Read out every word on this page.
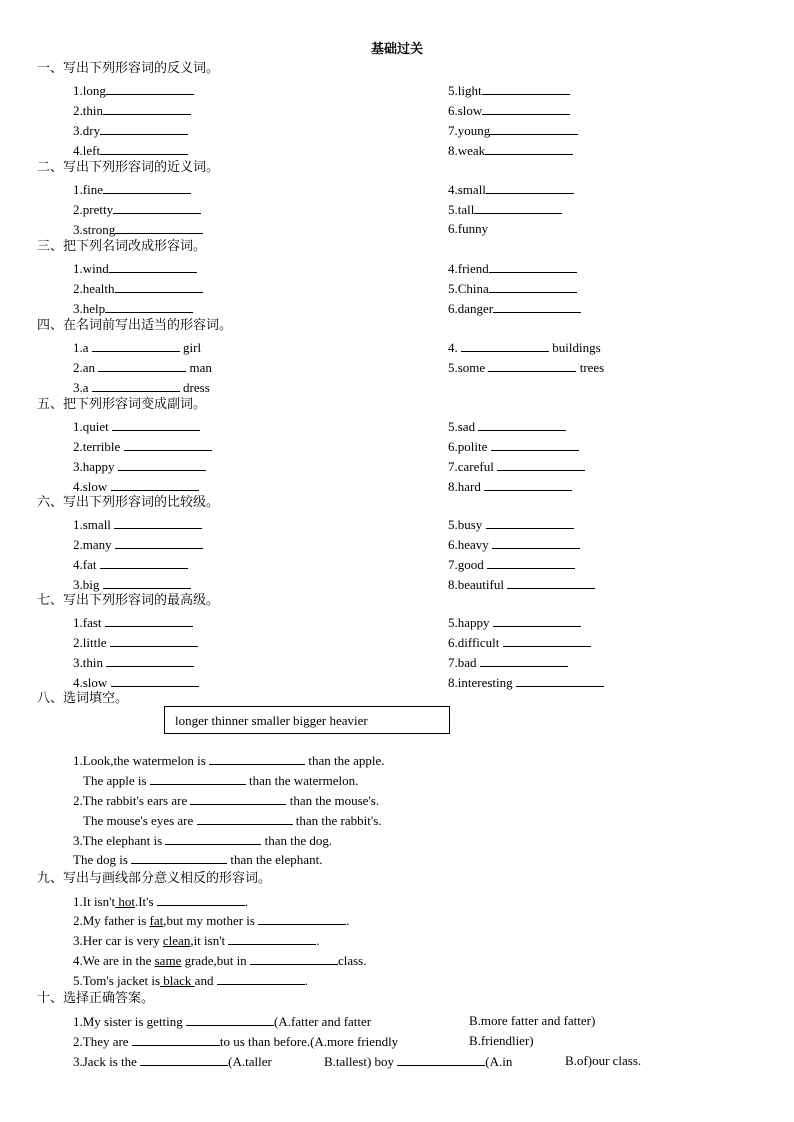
基础过关
一、写出下列形容词的反义词。
1.long
2.thin
3.dry
4.left
5.light
6.slow
7.young
8.weak
二、写出下列形容词的近义词。
1.fine
2.pretty
3.strong
4.small
5.tall
6.funny
三、把下列名词改成形容词。
1.wind
2.health
3.help
4.friend
5.China
6.danger
四、在名词前写出适当的形容词。
1.a	girl
2.an	man
3.a	dress
4.	buildings
5.some	trees
五、把下列形容词变成副词。
1.quiet
2.terrible
3.happy
4.slow
5.sad
6.polite
7.careful
8.hard
六、写出下列形容词的比较级。
1.small
2.many
4.fat
3.big
5.busy
6.heavy
7.good
8.beautiful
七、写出下列形容词的最高级。
1.fast
2.little
3.thin
4.slow
5.happy
6.difficult
7.bad
8.interesting
八、选词填空。
longer thinner smaller bigger heavier
1.Look,the watermelon is	than the apple.
The apple is	than the watermelon.
2.The rabbit's ears are	than the mouse's.
The mouse's eyes are	than the rabbit's.
3.The elephant is	than the dog.
The dog is	than the elephant.
九、写出与画线部分意义相反的形容词。
1.It isn't hot.It's	.
2.My father is fat,but my mother is	.
3.Her car is very clean,it isn't	.
4.We are in the same grade,but in	class.
5.Tom's jacket is black and	.
十、选择正确答案。
1.My sister is getting	(A.fatter and fatter	B.more fatter and fatter)
2.They are	to us than before.(A.more friendly	B.friendlier)
3.Jack is the	(A.taller	B.tallest) boy	(A.in	B.of)our class.
